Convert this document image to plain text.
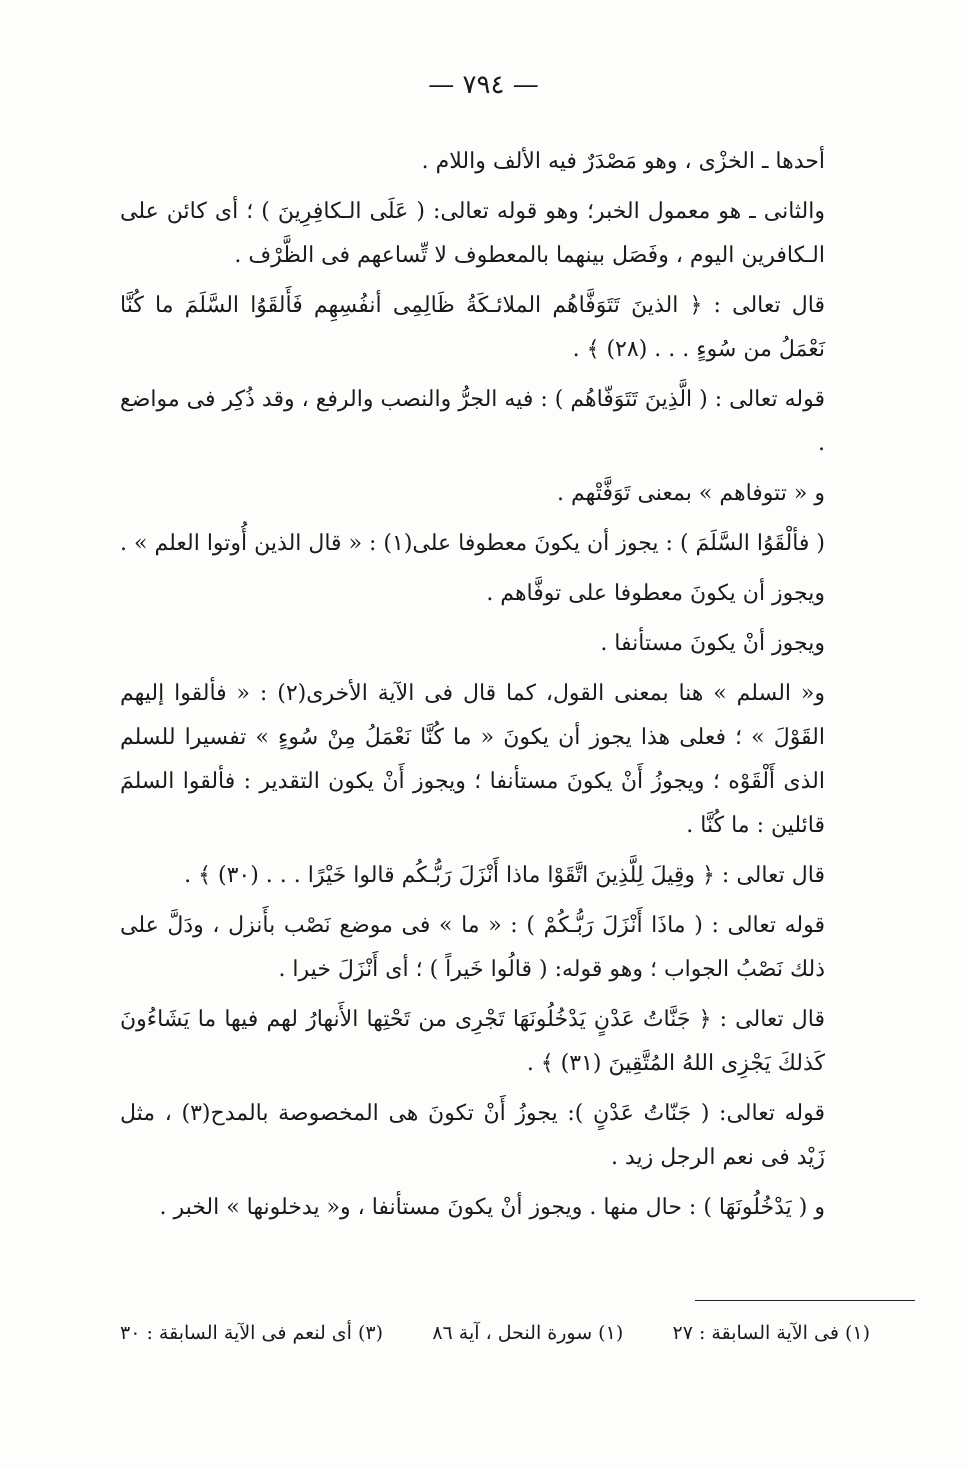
— ٧٩٤ —

أحدها ـ الخزْى ، وهو مَصْدَرٌ فيه الألف واللام .

والثانى ـ هو معمول الخبر؛ وهو قوله تعالى: ( عَلَى الـكافِرِينَ ) ؛ أى كائن على الـكافرين اليوم ، وفَصَل بينهما بالمعطوف لا تِّساعهم فى الظَّرْف .

قال تعالى : ﴿ الذينَ تَتَوَفَّاهُم الملائـكَةُ ظَالِمِى أنفُسِهِم فَأَلقَوُا السَّلَمَ ما كُنَّا نَعْمَلُ من سُوءٍ . . . (٢٨) ﴾ .

قوله تعالى : ( الَّذِينَ تَتَوَفّاهُم ) : فيه الجرُّ والنصب والرفع ، وقد ذُكِر فى مواضع .

و « تتوفاهم » بمعنى تَوَفَّتْهم .

( فألْقَوُا السَّلَمَ ) : يجوز أن يكونَ معطوفا على(١) : « قال الذين أُوتوا العلم » .

ويجوز أن يكونَ معطوفا على توفَّاهم .

ويجوز أنْ يكونَ مستأنفا .

و« السلم » هنا بمعنى القول، كما قال فى الآية الأخرى(٢) : « فألقوا إليهم القَوْلَ » ؛ فعلى هذا يجوز أن يكونَ « ما كُنَّا نَعْمَلُ مِنْ سُوءٍ » تفسيرا للسلم الذى أَلْقَوْه ؛ ويجوزُ أَنْ يكونَ مستأنفا ؛ ويجوز أَنْ يكون التقدير : فألقوا السلمَ قائلين : ما كُنَّا .

قال تعالى : ﴿ وقِيلَ لِلَّذِينَ اتَّقَوْا ماذا أَنْزَلَ رَبُّـكُم قالوا خَيْرًا . . . (٣٠) ﴾ .

قوله تعالى : ( ماذَا أَنْزَلَ رَبُّـكُمْ ) : « ما » فى موضع نَصْب بأَنزل ، ودَلَّ على ذلك نَصْبُ الجواب ؛ وهو قوله: ( قالُوا خَيراً ) ؛ أى أَنْزَلَ خيرا .

قال تعالى : ﴿ جَنَّاتُ عَدْنٍ يَدْخُلُونَهَا تَجْرِى من تَحْتِها الأَنهارُ لهم فيها ما يَشَاءُونَ كَذلكَ يَجْزِى اللهُ المُتَّقِينَ (٣١) ﴾ .

قوله تعالى: ( جَنّاتُ عَدْنٍ ): يجوزُ أَنْ تكونَ هى المخصوصة بالمدح(٣) ، مثل زَيْد فى نعم الرجل زيد .

و ( يَدْخُلُونَهَا ) : حال منها . ويجوز أنْ يكونَ مستأنفا ، و« يدخلونها » الخبر .

(١) فى الآية السابقة : ٢٧
(١) سورة النحل ، آية ٨٦
(٣) أى لنعم فى الآية السابقة : ٣٠
